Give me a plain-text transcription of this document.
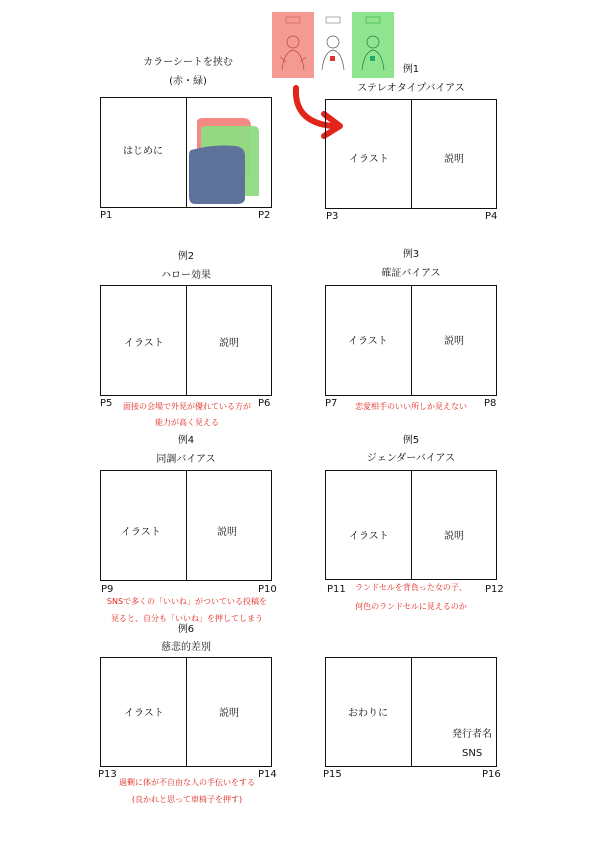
カラーシートを挟む
(赤・緑)
はじめに
P1	P2
例1
ステレオタイプバイアス
イラスト	説明
P3	P4
例2
ハロー効果
イラスト	説明
P5	P6
面接の会場で外見が優れている方が
能力が高く見える
例3
確証バイアス
イラスト	説明
P7	P8
恋愛相手のいい所しか見えない
例4
同調バイアス
イラスト	説明
P9	P10
SNSで多くの「いいね」がついている投稿を
見ると、自分も「いいね」を押してしまう
例5
ジェンダーバイアス
イラスト	説明
P11	P12
ランドセルを背負った女の子、
何色のランドセルに見えるのか
例6
慈悲的差別
イラスト	説明
P13	P14
過剰に体が不自由な人の手伝いをする
(良かれと思って車椅子を押す)
おわりに
発行者名
SNS
P15	P16
